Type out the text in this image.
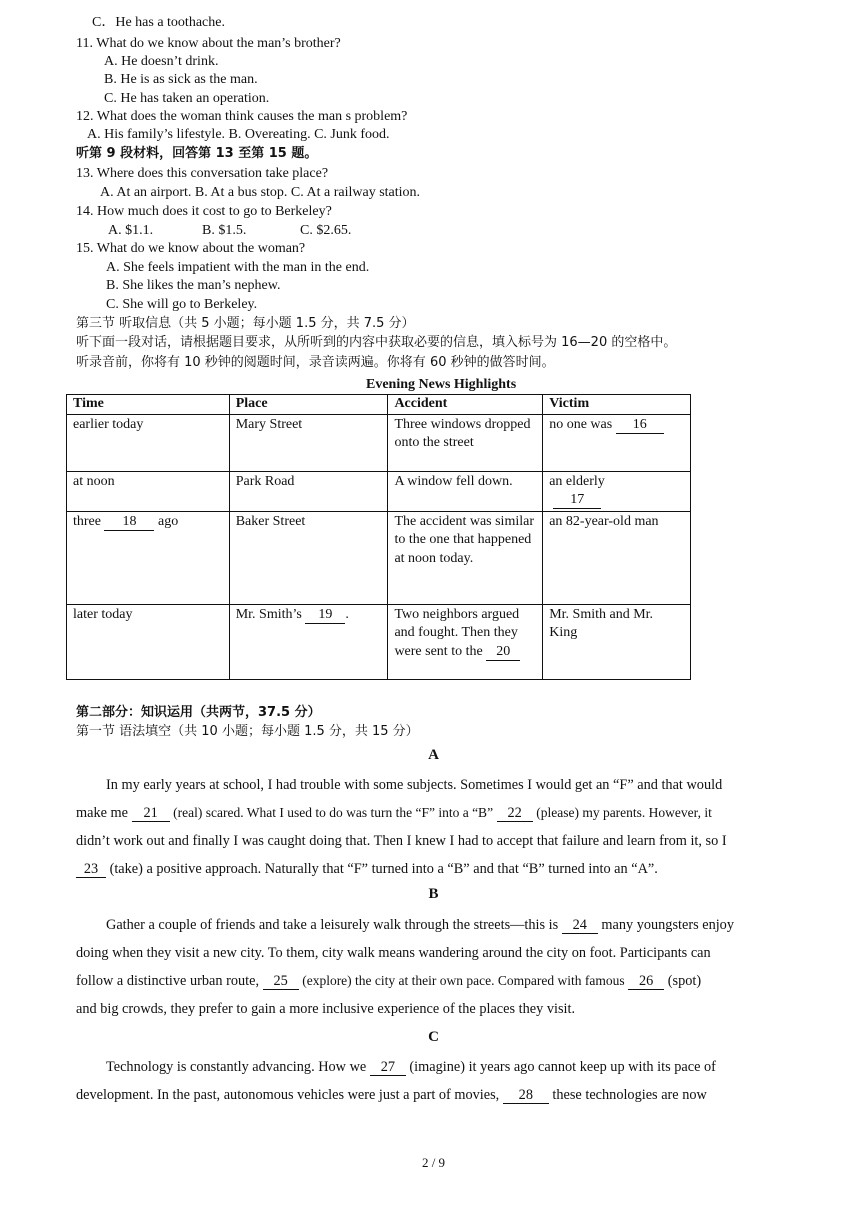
C．He has a toothache.
11. What do we know about the man’s brother?
A. He doesn’t drink.
B. He is as sick as the man.
C. He has taken an operation.
12. What does the woman think causes the man s problem?
A. His family’s lifestyle. B. Overeating. C. Junk food.
听第 9 段材料，回答第 13 至第 15 题。
13. Where does this conversation take place?
A. At an airport. B. At a bus stop. C. At a railway station.
14. How much does it cost to go to Berkeley?
A. $1.1.	B. $1.5.	C. $2.65.
15. What do we know about the woman?
A. She feels impatient with the man in the end.
B. She likes the man’s nephew.
C. She will go to Berkeley.
第三节 听取信息（共 5 小题；每小题 1.5 分，共 7.5 分）
听下面一段对话，请根据题目要求，从所听到的内容中获取必要的信息，填入标号为 16—20 的空格中。
听录音前，你将有 10 秒钟的阅题时间，录音读两遍。你将有 60 秒钟的做答时间。
Evening News Highlights
Time	Place	Accident	Victim
earlier today	Mary Street	Three windows dropped onto the street	no one was 16
at noon	Park Road	A window fell down.	an elderly
17
three 18 ago	Baker Street	The accident was similar to the one that happened at noon today.	an 82-year-old man
later today	Mr. Smith’s 19 .	Two neighbors argued and fought. Then they were sent to the 20	Mr. Smith and Mr. King
第二部分：知识运用（共两节，37.5 分）
第一节 语法填空（共 10 小题；每小题 1.5 分，共 15 分）
A
In my early years at school, I had trouble with some subjects. Sometimes I would get an “F” and that would
make me 21 (real) scared. What I used to do was turn the “F” into a “B” 22 (please) my parents. However, it
didn’t work out and finally I was caught doing that. Then I knew I had to accept that failure and learn from it, so I
23 (take) a positive approach. Naturally that “F” turned into a “B” and that “B” turned into an “A”.
B
Gather a couple of friends and take a leisurely walk through the streets—this is 24 many youngsters enjoy
doing when they visit a new city. To them, city walk means wandering around the city on foot. Participants can
follow a distinctive urban route, 25 (explore) the city at their own pace. Compared with famous 26 (spot)
and big crowds, they prefer to gain a more inclusive experience of the places they visit.
C
Technology is constantly advancing. How we 27 (imagine) it years ago cannot keep up with its pace of
development. In the past, autonomous vehicles were just a part of movies, 28 these technologies are now
2 / 9
